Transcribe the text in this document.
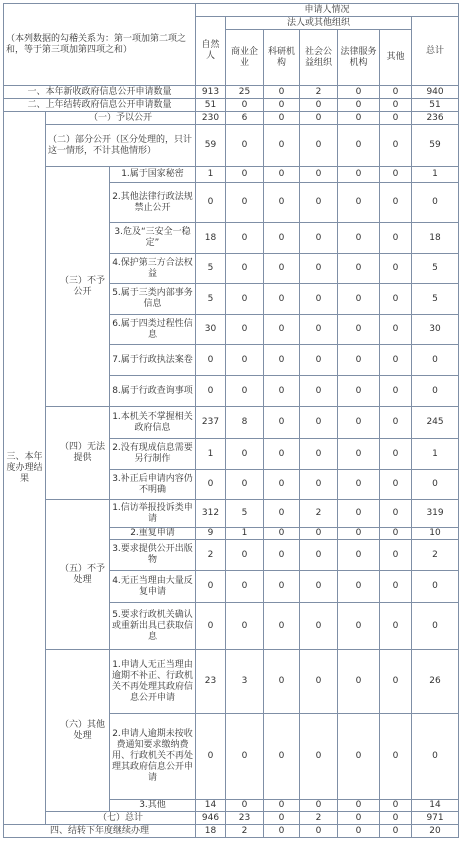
（本列数据的勾稽关系为：第一项加第二项之和，等于第三项加第四项之和）			申请人情况						
			自然人	法人或其他组织					总计
				商业企业	科研机构	社会公益组织	法律服务机构	其他	
一、本年新收政府信息公开申请数量			913	25	0	2	0	0	940
二、上年结转政府信息公开申请数量			51	0	0	0	0	0	51
三、本年度办理结果	（一）予以公开		230	6	0	0	0	0	236
	（二）部分公开（区分处理的，只计这一情形，不计其他情形）		59	0	0	0	0	0	59
	（三）不予公开	1.属于国家秘密	1	0	0	0	0	0	1
		2.其他法律行政法规禁止公开	0	0	0	0	0	0	0
		3.危及“三安全一稳定”	18	0	0	0	0	0	18
		4.保护第三方合法权益	5	0	0	0	0	0	5
		5.属于三类内部事务信息	5	0	0	0	0	0	5
		6.属于四类过程性信息	30	0	0	0	0	0	30
		7.属于行政执法案卷	0	0	0	0	0	0	0
		8.属于行政查询事项	0	0	0	0	0	0	0
	（四）无法提供	1.本机关不掌握相关政府信息	237	8	0	0	0	0	245
		2.没有现成信息需要另行制作	1	0	0	0	0	0	1
		3.补正后申请内容仍不明确	0	0	0	0	0	0	0
	（五）不予处理	1.信访举报投诉类申请	312	5	0	2	0	0	319
		2.重复申请	9	1	0	0	0	0	10
		3.要求提供公开出版物	2	0	0	0	0	0	2
		4.无正当理由大量反复申请	0	0	0	0	0	0	0
		5.要求行政机关确认或重新出具已获取信息	0	0	0	0	0	0	0
	（六）其他处理	1.申请人无正当理由逾期不补正、行政机关不再处理其政府信息公开申请	23	3	0	0	0	0	26
		2.申请人逾期未按收费通知要求缴纳费用、行政机关不再处理其政府信息公开申请	0	0	0	0	0	0	0
		3.其他	14	0	0	0	0	0	14
	（七）总计		946	23	0	2	0	0	971
四、结转下年度继续办理			18	2	0	0	0	0	20
